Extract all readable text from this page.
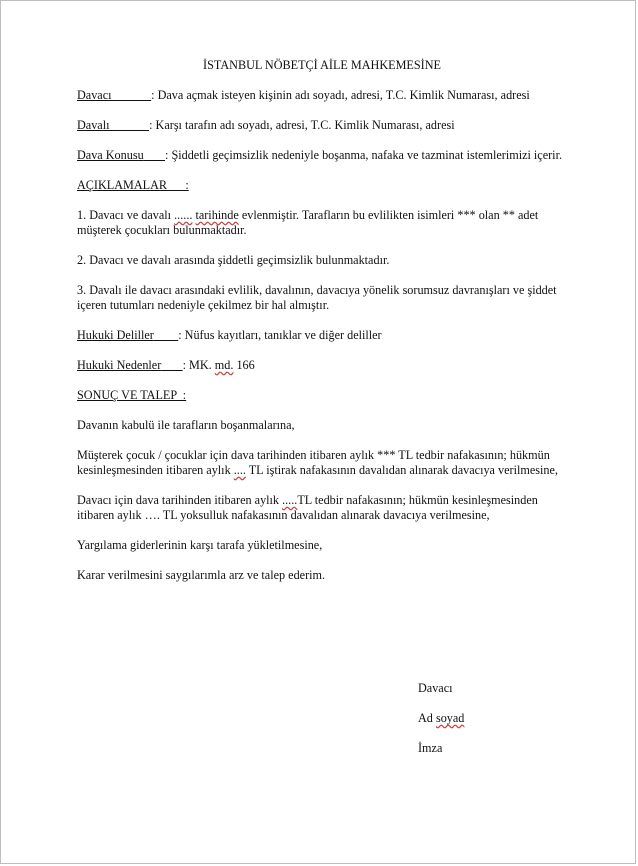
İSTANBUL NÖBETÇİ AİLE MAHKEMESİNE

Davacı	: Dava açmak isteyen kişinin adı soyadı, adresi, T.C. Kimlik Numarası, adresi

Davalı	: Karşı tarafın adı soyadı, adresi, T.C. Kimlik Numarası, adresi

Dava Konusu : Şiddetli geçimsizlik nedeniyle boşanma, nafaka ve tazminat istemlerimizi içerir.

AÇIKLAMALAR      :

1. Davacı ve davalı ...... tarihinde evlenmiştir. Tarafların bu evlilikten isimleri *** olan ** adet müşterek çocukları bulunmaktadır.

2. Davacı ve davalı arasında şiddetli geçimsizlik bulunmaktadır.

3. Davalı ile davacı arasındaki evlilik, davalının, davacıya yönelik sorumsuz davranışları ve şiddet içeren tutumları nedeniyle çekilmez bir hal almıştır.

Hukuki Deliller : Nüfus kayıtları, tanıklar ve diğer deliller

Hukuki Nedenler : MK. md. 166

SONUÇ VE TALEP  :

Davanın kabulü ile tarafların boşanmalarına,

Müşterek çocuk / çocuklar için dava tarihinden itibaren aylık *** TL tedbir nafakasının; hükmün kesinleşmesinden itibaren aylık .... TL iştirak nafakasının davalıdan alınarak davacıya verilmesine,

Davacı için dava tarihinden itibaren aylık .....TL tedbir nafakasının; hükmün kesinleşmesinden itibaren aylık …. TL yoksulluk nafakasının davalıdan alınarak davacıya verilmesine,

Yargılama giderlerinin karşı tarafa yükletilmesine,

Karar verilmesini saygılarımla arz ve talep ederim.

Davacı

Ad soyad

İmza
